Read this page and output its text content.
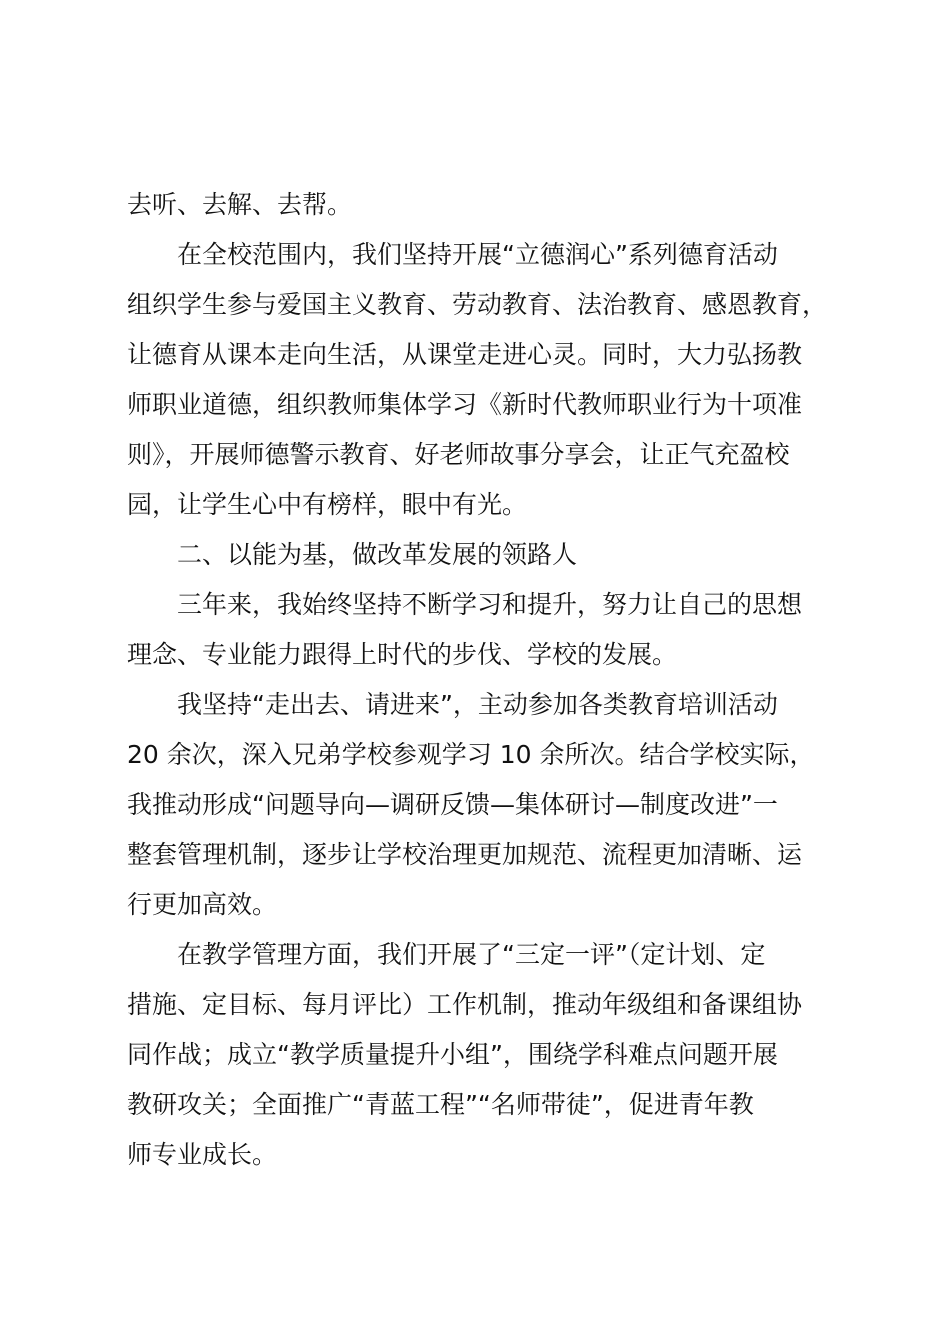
去听、去解、去帮。
　　在全校范围内，我们坚持开展“立德润心”系列德育活动
组织学生参与爱国主义教育、劳动教育、法治教育、感恩教育，
让德育从课本走向生活，从课堂走进心灵。同时，大力弘扬教
师职业道德，组织教师集体学习《新时代教师职业行为十项准
则》，开展师德警示教育、好老师故事分享会，让正气充盈校
园，让学生心中有榜样，眼中有光。
　　二、以能为基，做改革发展的领路人
　　三年来，我始终坚持不断学习和提升，努力让自己的思想
理念、专业能力跟得上时代的步伐、学校的发展。
　　我坚持“走出去、请进来”，主动参加各类教育培训活动
20 余次，深入兄弟学校参观学习 10 余所次。结合学校实际，
我推动形成“问题导向—调研反馈—集体研讨—制度改进”一
整套管理机制，逐步让学校治理更加规范、流程更加清晰、运
行更加高效。
　　在教学管理方面，我们开展了“三定一评”（定计划、定
措施、定目标、每月评比）工作机制，推动年级组和备课组协
同作战；成立“教学质量提升小组”，围绕学科难点问题开展
教研攻关；全面推广“青蓝工程”“名师带徒”，促进青年教
师专业成长。
